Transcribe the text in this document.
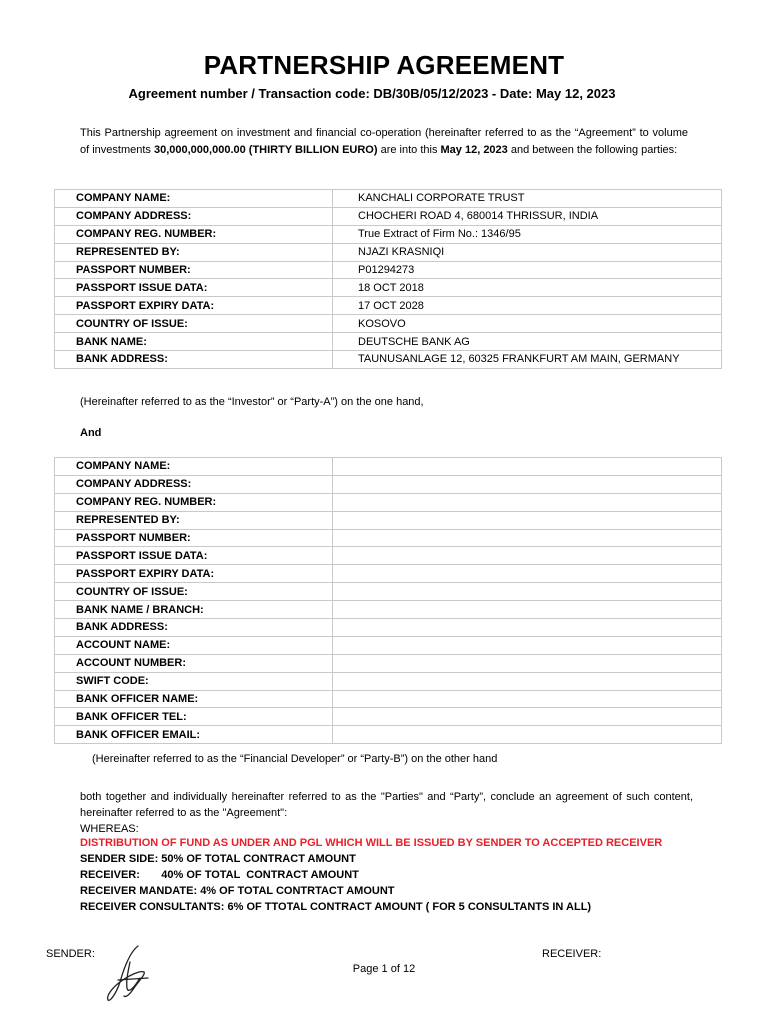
PARTNERSHIP AGREEMENT
Agreement number / Transaction code: DB/30B/05/12/2023 - Date: May 12, 2023
This Partnership agreement on investment and financial co-operation (hereinafter referred to as the “Agreement” to volume of investments 30,000,000,000.00 (THIRTY BILLION EURO) are into this May 12, 2023 and between the following parties:
COMPANY NAME:	KANCHALI CORPORATE TRUST
COMPANY ADDRESS:	CHOCHERI ROAD 4, 680014 THRISSUR, INDIA
COMPANY REG. NUMBER:	True Extract of Firm No.: 1346/95
REPRESENTED BY:	NJAZI KRASNIQI
PASSPORT NUMBER:	P01294273
PASSPORT ISSUE DATA:	18 OCT 2018
PASSPORT EXPIRY DATA:	17 OCT 2028
COUNTRY OF ISSUE:	KOSOVO
BANK NAME:	DEUTSCHE BANK AG
BANK ADDRESS:	TAUNUSANLAGE 12, 60325 FRANKFURT AM MAIN, GERMANY
(Hereinafter referred to as the “Investor” or “Party-A”) on the one hand,
And
COMPANY NAME:	
COMPANY ADDRESS:	
COMPANY REG. NUMBER:	
REPRESENTED BY:	
PASSPORT NUMBER:	
PASSPORT ISSUE DATA:	
PASSPORT EXPIRY DATA:	
COUNTRY OF ISSUE:	
BANK NAME / BRANCH:	
BANK ADDRESS:	
ACCOUNT NAME:	
ACCOUNT NUMBER:	
SWIFT CODE:	
BANK OFFICER NAME:	
BANK OFFICER TEL:	
BANK OFFICER EMAIL:	
(Hereinafter referred to as the “Financial Developer” or “Party-B”) on the other hand
both together and individually hereinafter referred to as the "Parties" and “Party”, conclude an agreement of such content, hereinafter referred to as the "Agreement":
WHEREAS:
DISTRIBUTION OF FUND AS UNDER AND PGL WHICH WILL BE ISSUED BY SENDER TO ACCEPTED RECEIVER
SENDER SIDE: 50% OF TOTAL CONTRACT AMOUNT
RECEIVER:       40% OF TOTAL  CONTRACT AMOUNT
RECEIVER MANDATE: 4% OF TOTAL CONTRTACT AMOUNT
RECEIVER CONSULTANTS: 6% OF TTOTAL CONTRACT AMOUNT ( FOR 5 CONSULTANTS IN ALL)
SENDER:	RECEIVER:
Page 1 of 12
